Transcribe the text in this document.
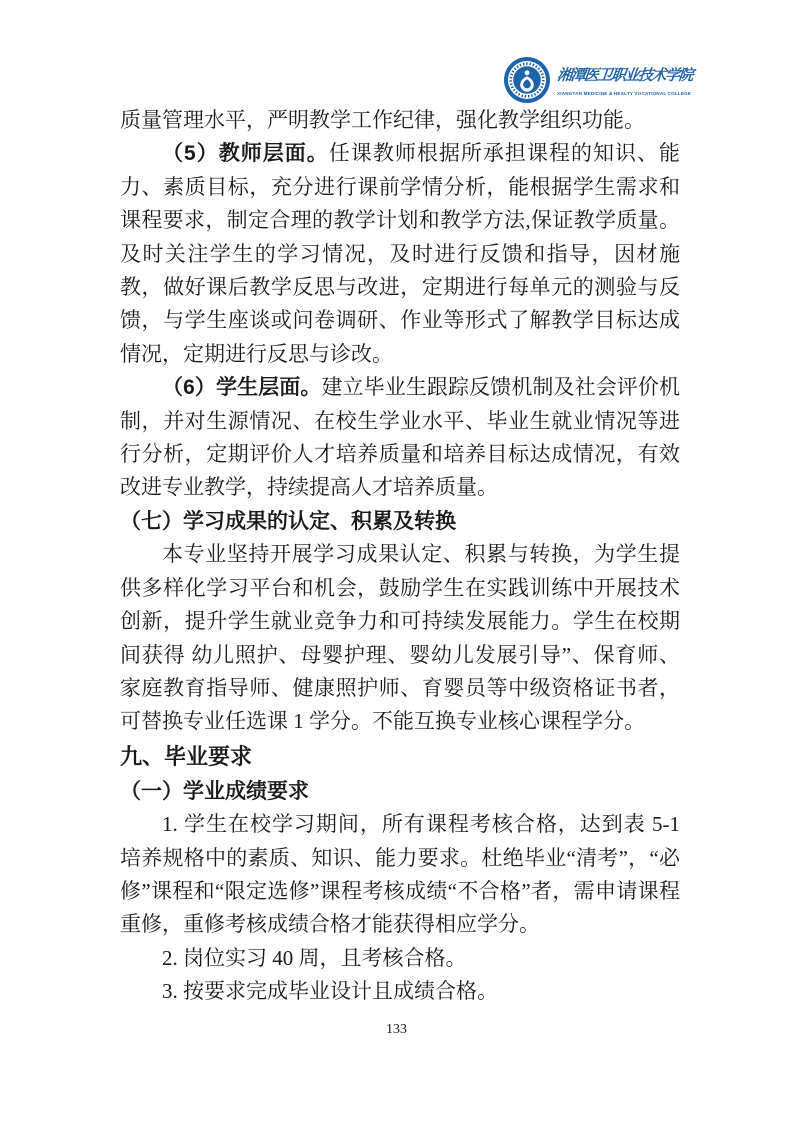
湘潭医卫职业技术学院
XIANGTAN MEDICINE & HEALTY VOCATIONAL COLLEGE

质量管理水平，严明教学工作纪律，强化教学组织功能。

（5）教师层面。任课教师根据所承担课程的知识、能力、素质目标，充分进行课前学情分析，能根据学生需求和课程要求，制定合理的教学计划和教学方法,保证教学质量。及时关注学生的学习情况，及时进行反馈和指导，因材施教，做好课后教学反思与改进，定期进行每单元的测验与反馈，与学生座谈或问卷调研、作业等形式了解教学目标达成情况，定期进行反思与诊改。

（6）学生层面。建立毕业生跟踪反馈机制及社会评价机制，并对生源情况、在校生学业水平、毕业生就业情况等进行分析，定期评价人才培养质量和培养目标达成情况，有效改进专业教学，持续提高人才培养质量。

（七）学习成果的认定、积累及转换

本专业坚持开展学习成果认定、积累与转换，为学生提供多样化学习平台和机会，鼓励学生在实践训练中开展技术创新，提升学生就业竞争力和可持续发展能力。学生在校期间获得 幼儿照护、母婴护理、婴幼儿发展引导”、保育师、家庭教育指导师、健康照护师、育婴员等中级资格证书者，可替换专业任选课 1 学分。不能互换专业核心课程学分。

九、毕业要求

（一）学业成绩要求

1. 学生在校学习期间，所有课程考核合格，达到表 5-1 培养规格中的素质、知识、能力要求。杜绝毕业“清考”，“必修”课程和“限定选修”课程考核成绩“不合格”者，需申请课程重修，重修考核成绩合格才能获得相应学分。

2. 岗位实习 40 周，且考核合格。

3. 按要求完成毕业设计且成绩合格。

133
